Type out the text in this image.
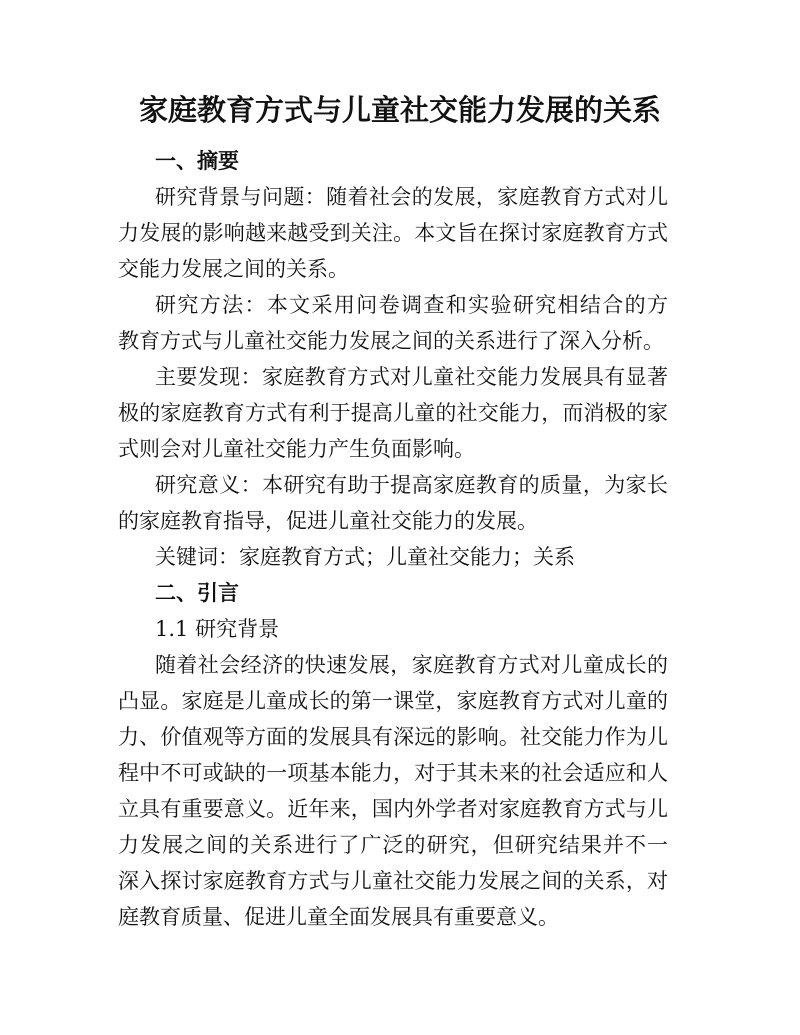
家庭教育方式与儿童社交能力发展的关系
一、摘要
研究背景与问题：随着社会的发展，家庭教育方式对儿
力发展的影响越来越受到关注。本文旨在探讨家庭教育方式
交能力发展之间的关系。
研究方法：本文采用问卷调查和实验研究相结合的方
教育方式与儿童社交能力发展之间的关系进行了深入分析。
主要发现：家庭教育方式对儿童社交能力发展具有显著
极的家庭教育方式有利于提高儿童的社交能力，而消极的家
式则会对儿童社交能力产生负面影响。
研究意义：本研究有助于提高家庭教育的质量，为家长
的家庭教育指导，促进儿童社交能力的发展。
关键词：家庭教育方式；儿童社交能力；关系
二、引言
1.1 研究背景
随着社会经济的快速发展，家庭教育方式对儿童成长的
凸显。家庭是儿童成长的第一课堂，家庭教育方式对儿童的
力、价值观等方面的发展具有深远的影响。社交能力作为儿
程中不可或缺的一项基本能力，对于其未来的社会适应和人
立具有重要意义。近年来，国内外学者对家庭教育方式与儿
力发展之间的关系进行了广泛的研究，但研究结果并不一
深入探讨家庭教育方式与儿童社交能力发展之间的关系，对
庭教育质量、促进儿童全面发展具有重要意义。
